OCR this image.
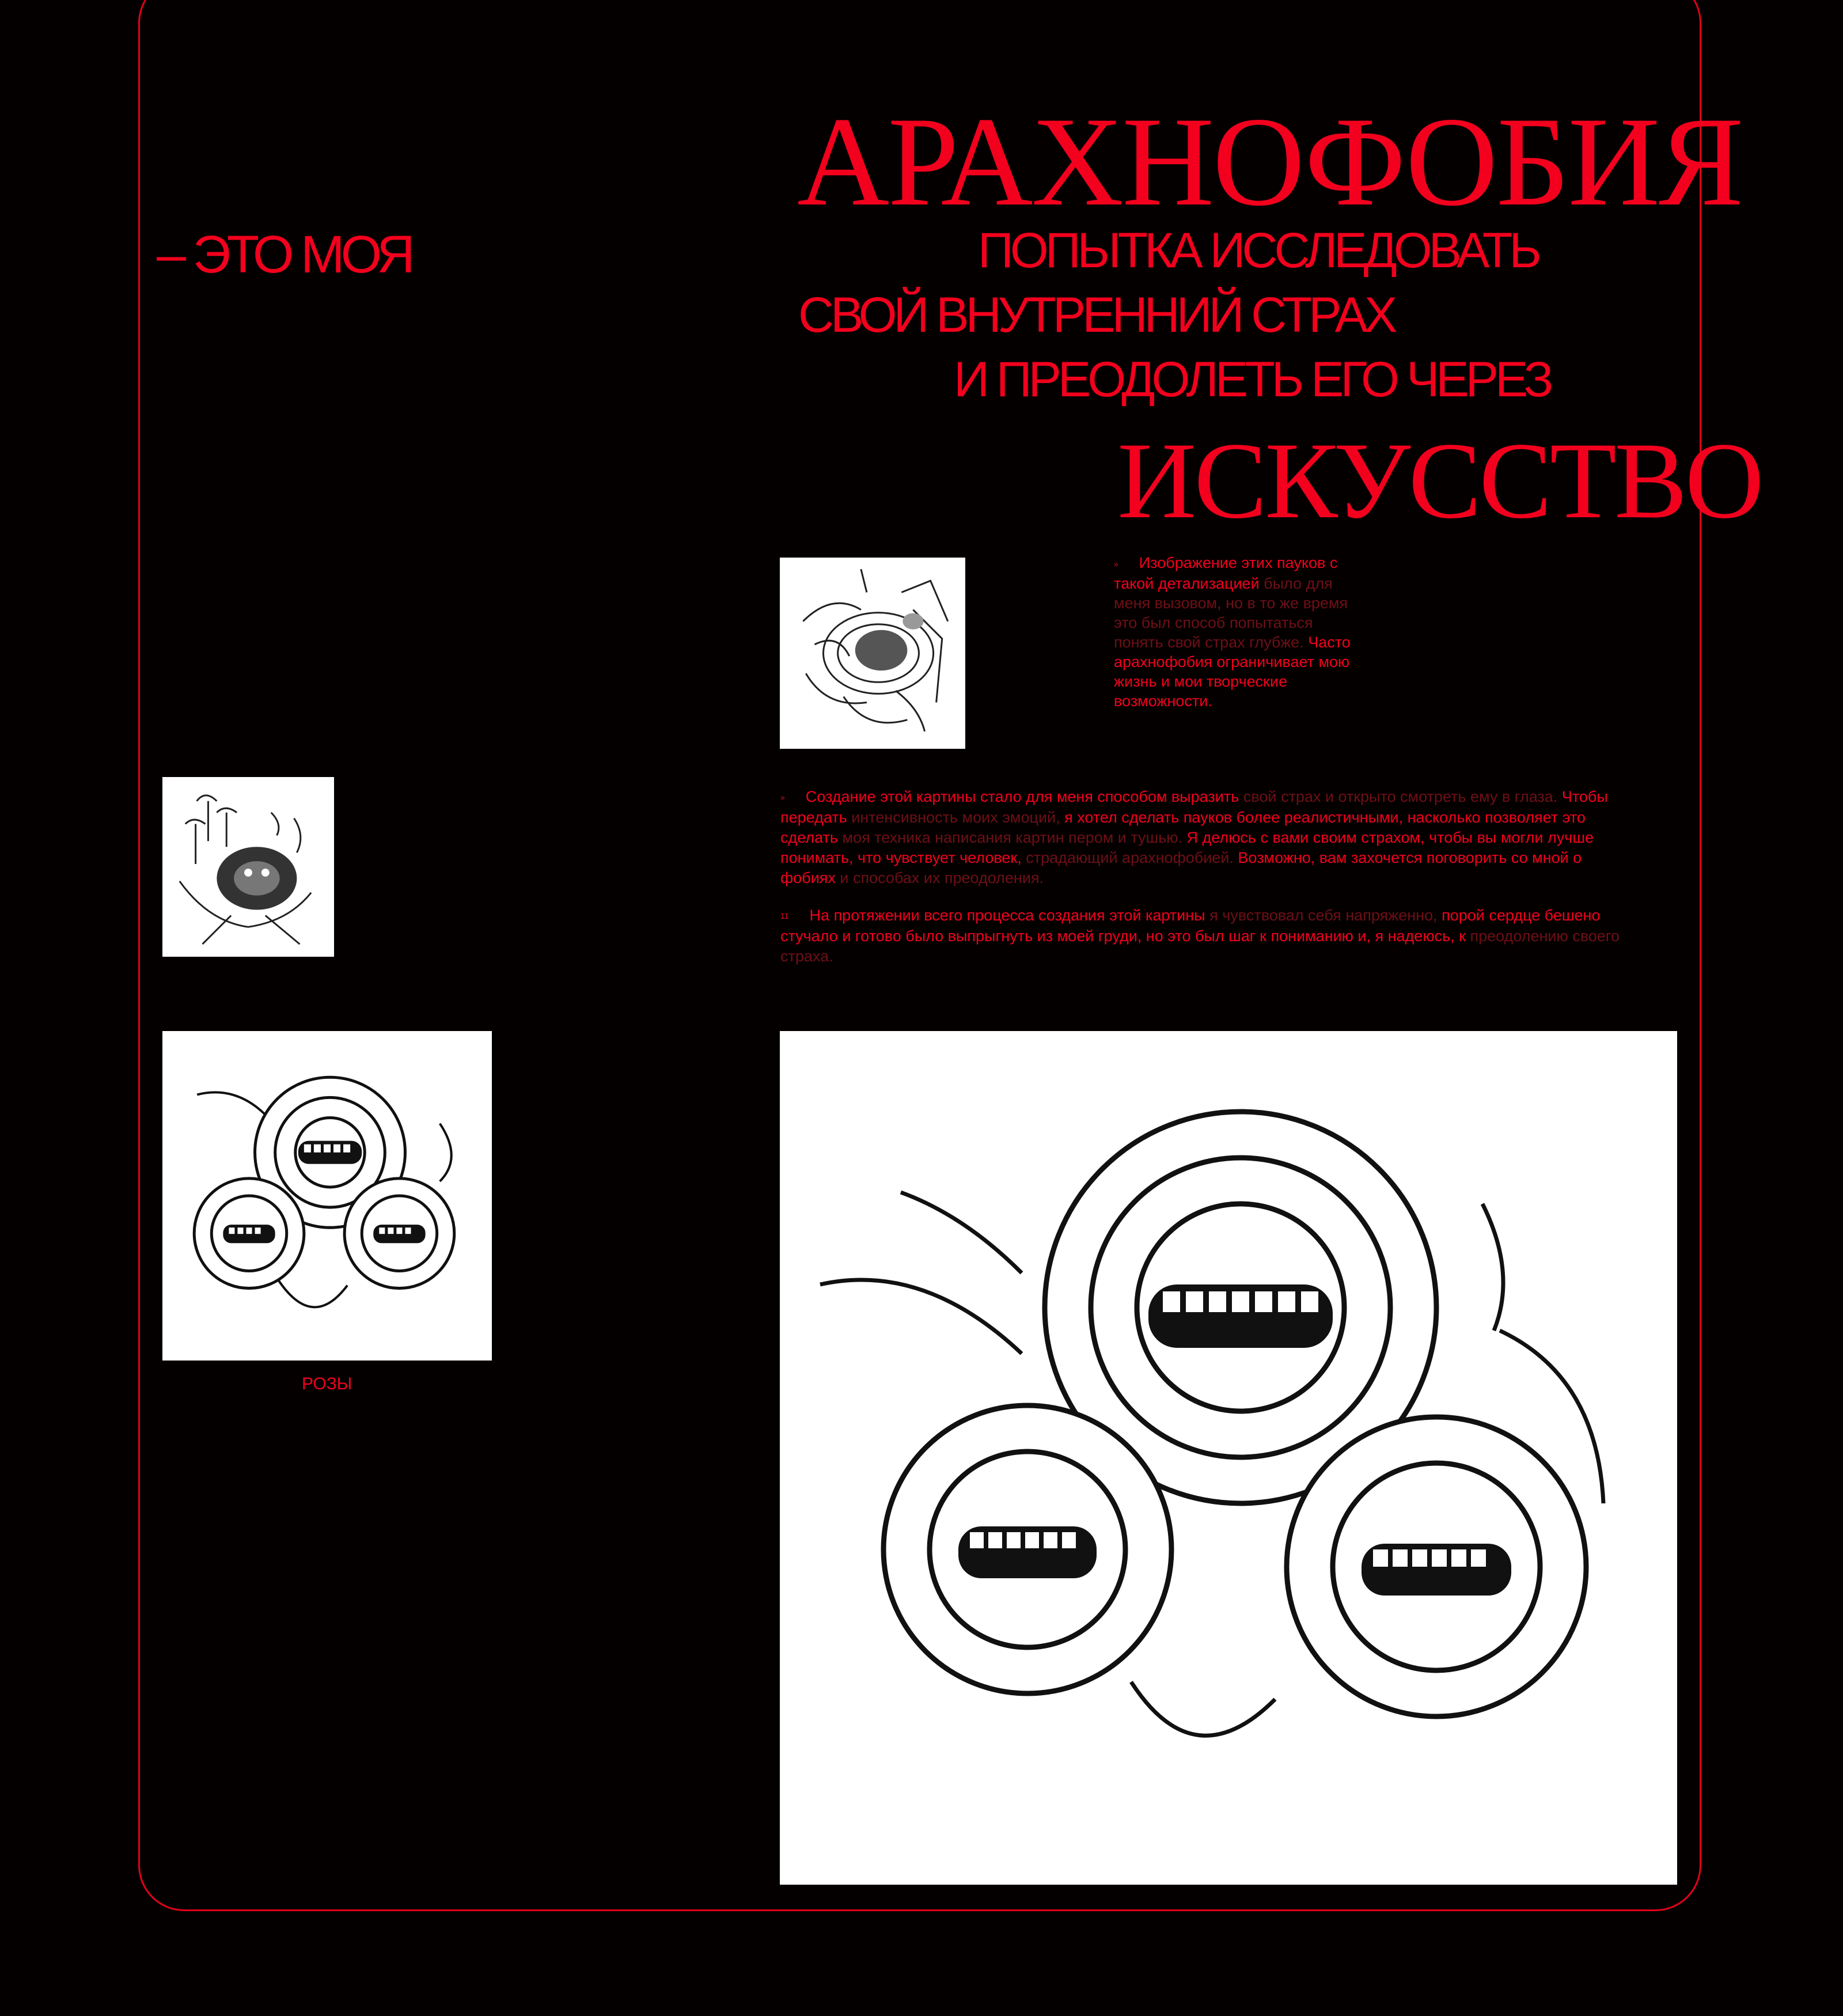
АРАХНОФОБИЯ
– ЭТО МОЯ	ПОПЫТКА ИССЛЕДОВАТЬ
СВОЙ ВНУТРЕННИЙ СТРАХ
И ПРЕОДОЛЕТЬ ЕГО ЧЕРЕЗ
ИСКУССТВО
» Изображение этих пауков с такой детализацией было для меня вызовом, но в то же время это был способ попытаться понять свой страх глубже. Часто арахнофобия ограничивает мою жизнь и мои творческие возможности.
» Создание этой картины стало для меня способом выразить свой страх и открыто смотреть ему в глаза. Чтобы передать интенсивность моих эмоций, я хотел сделать пауков более реалистичными, насколько позволяет это сделать моя техника написания картин пером и тушью. Я делюсь с вами своим страхом, чтобы вы могли лучше понимать, что чувствует человек, страдающий арахнофобией. Возможно, вам захочется поговорить со мной о фобиях и способах их преодоления.
11 На протяжении всего процесса создания этой картины я чувствовал себя напряженно, порой сердце бешено стучало и готово было выпрыгнуть из моей груди, но это был шаг к пониманию и, я надеюсь, к преодолению своего страха.
РОЗЫ
